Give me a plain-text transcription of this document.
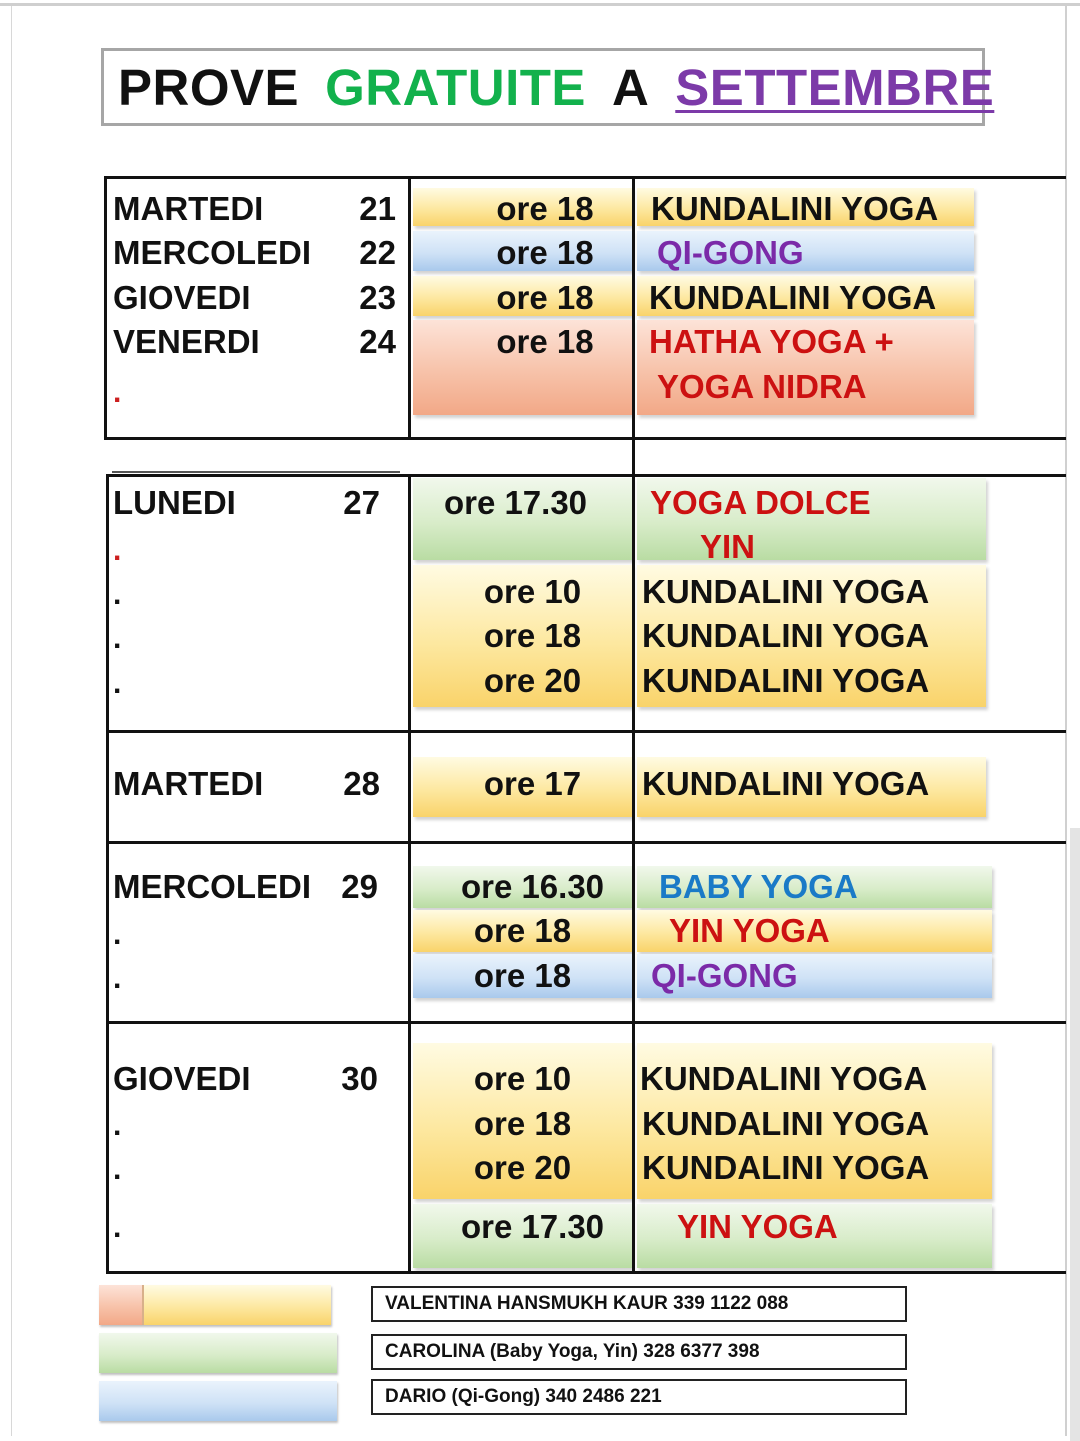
PROVE GRATUITE A SETTEMBRE
MARTEDI	21	ore 18	KUNDALINI YOGA
MERCOLEDI	22	ore 18	QI-GONG
GIOVEDI	23	ore 18	KUNDALINI YOGA
VENERDI	24	ore 18	HATHA YOGA +
YOGA NIDRA
.
LUNEDI	27	ore 17.30	YOGA DOLCE
YIN
.
ore 10	KUNDALINI YOGA
.
ore 18	KUNDALINI YOGA
.
ore 20	KUNDALINI YOGA
.
MARTEDI	28	ore 17	KUNDALINI YOGA
MERCOLEDI 29	ore 16.30	BABY YOGA
ore 18	YIN YOGA
.
ore 18	QI-GONG
.
GIOVEDI	30	ore 10	KUNDALINI YOGA
ore 18	KUNDALINI YOGA
.
ore 20	KUNDALINI YOGA
.
ore 17.30	YIN YOGA
.
VALENTINA HANSMUKH KAUR 339 1122 088
CAROLINA (Baby Yoga, Yin) 328 6377 398
DARIO (Qi-Gong) 340 2486 221
